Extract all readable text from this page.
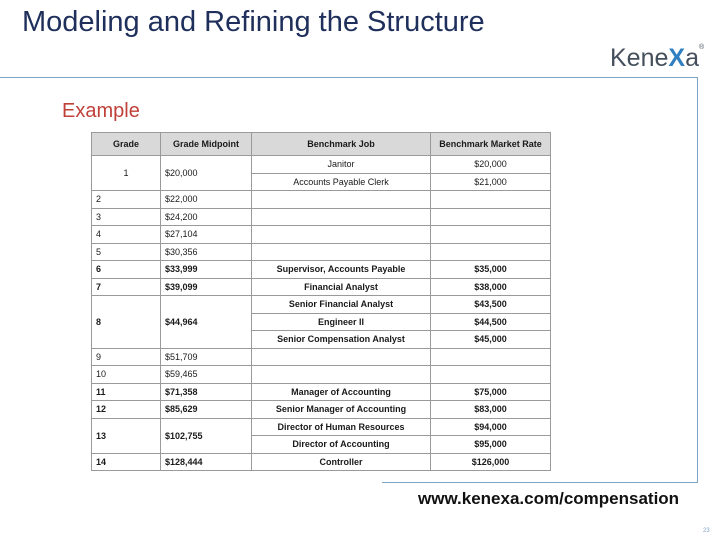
Modeling and Refining the Structure
KeneXa®
Example
Grade	Grade Midpoint	Benchmark Job	Benchmark Market Rate
1	$20,000	Janitor	$20,000
		Accounts Payable Clerk	$21,000
2	$22,000		
3	$24,200		
4	$27,104		
5	$30,356		
6	$33,999	Supervisor, Accounts Payable	$35,000
7	$39,099	Financial Analyst	$38,000
8	$44,964	Senior Financial Analyst	$43,500
		Engineer II	$44,500
		Senior Compensation Analyst	$45,000
9	$51,709		
10	$59,465		
11	$71,358	Manager of Accounting	$75,000
12	$85,629	Senior Manager of Accounting	$83,000
13	$102,755	Director of Human Resources	$94,000
		Director of Accounting	$95,000
14	$128,444	Controller	$126,000
www.kenexa.com/compensation
23
